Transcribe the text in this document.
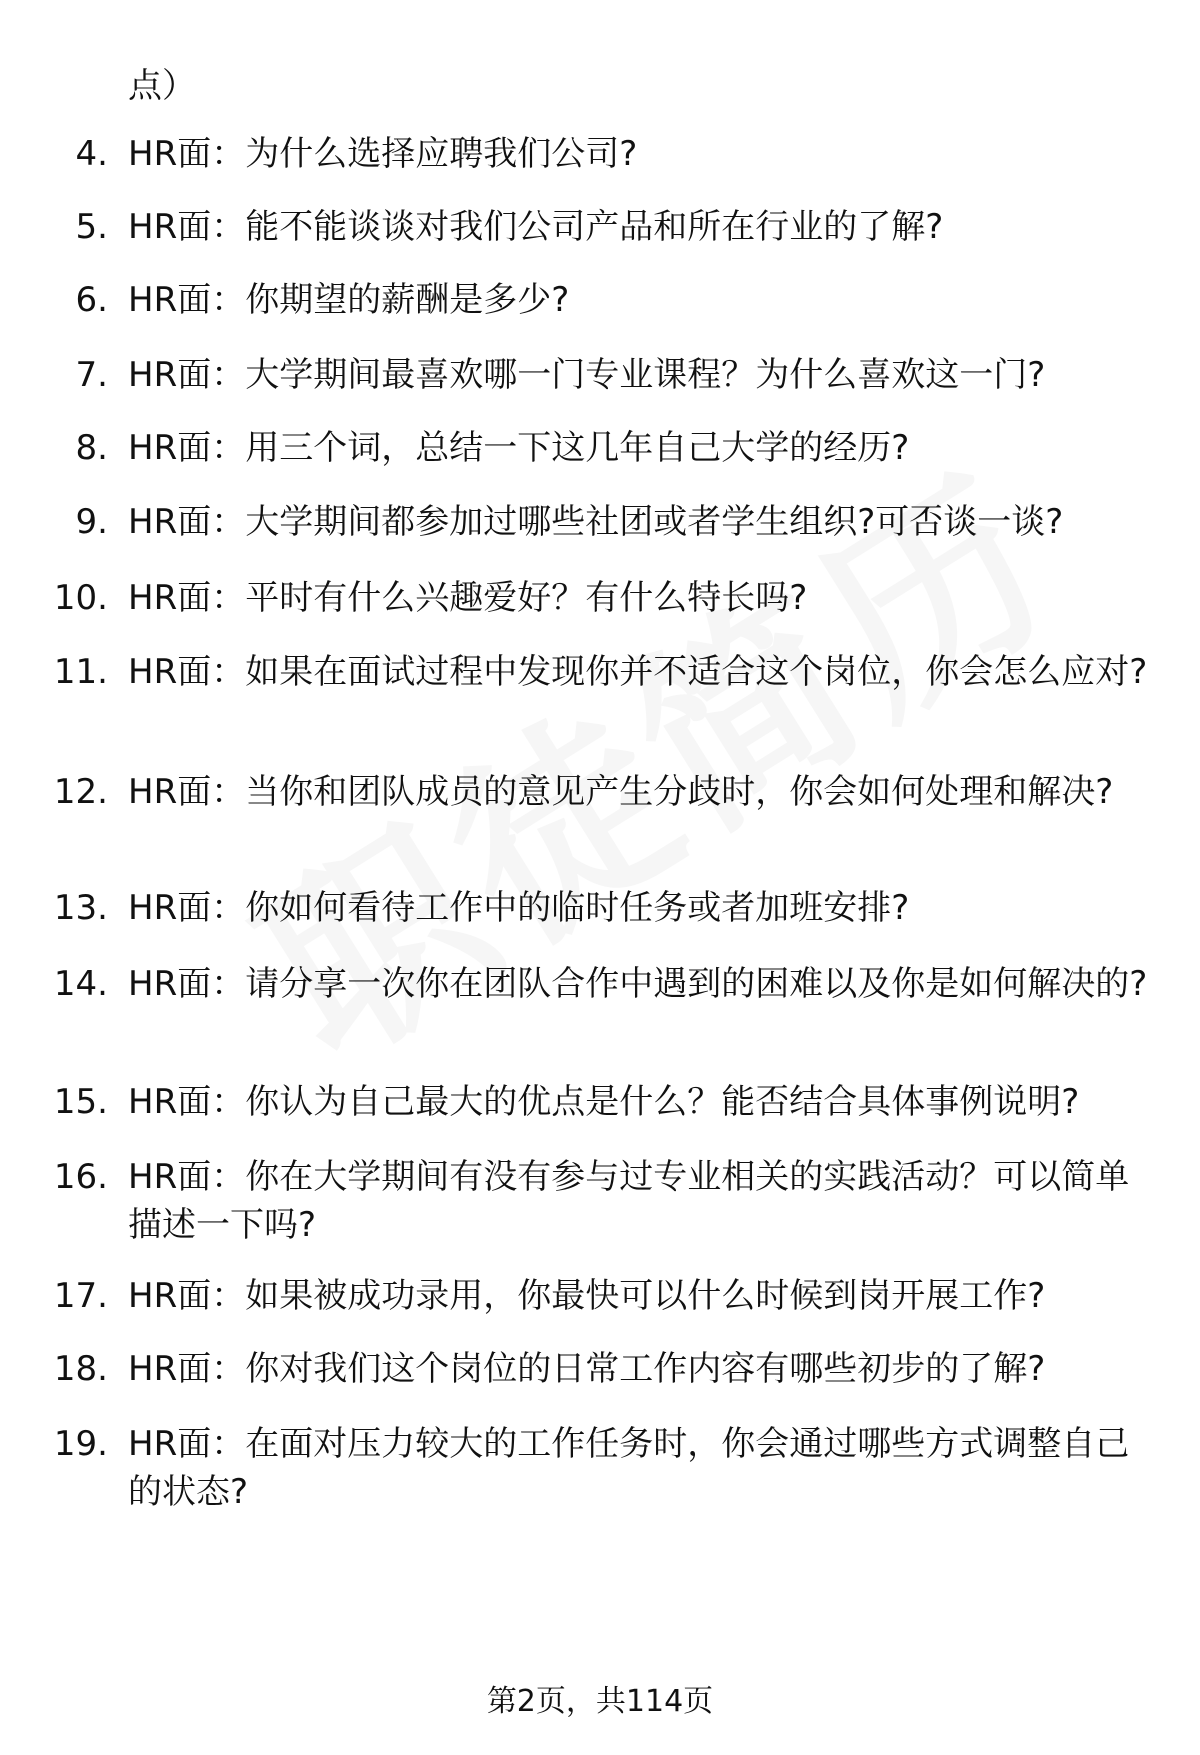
点）

4. HR面：为什么选择应聘我们公司?
5. HR面：能不能谈谈对我们公司产品和所在行业的了解?
6. HR面：你期望的薪酬是多少?
7. HR面：大学期间最喜欢哪一门专业课程？为什么喜欢这一门?
8. HR面：用三个词，总结一下这几年自己大学的经历?
9. HR面：大学期间都参加过哪些社团或者学生组织?可否谈一谈?
10. HR面：平时有什么兴趣爱好？有什么特长吗?
11. HR面：如果在面试过程中发现你并不适合这个岗位，你会怎么应对?
12. HR面：当你和团队成员的意见产生分歧时，你会如何处理和解决?
13. HR面：你如何看待工作中的临时任务或者加班安排?
14. HR面：请分享一次你在团队合作中遇到的困难以及你是如何解决的?
15. HR面：你认为自己最大的优点是什么？能否结合具体事例说明?
16. HR面：你在大学期间有没有参与过专业相关的实践活动？可以简单描述一下吗?
17. HR面：如果被成功录用，你最快可以什么时候到岗开展工作?
18. HR面：你对我们这个岗位的日常工作内容有哪些初步的了解?
19. HR面：在面对压力较大的工作任务时，你会通过哪些方式调整自己的状态?
第2页，共114页
